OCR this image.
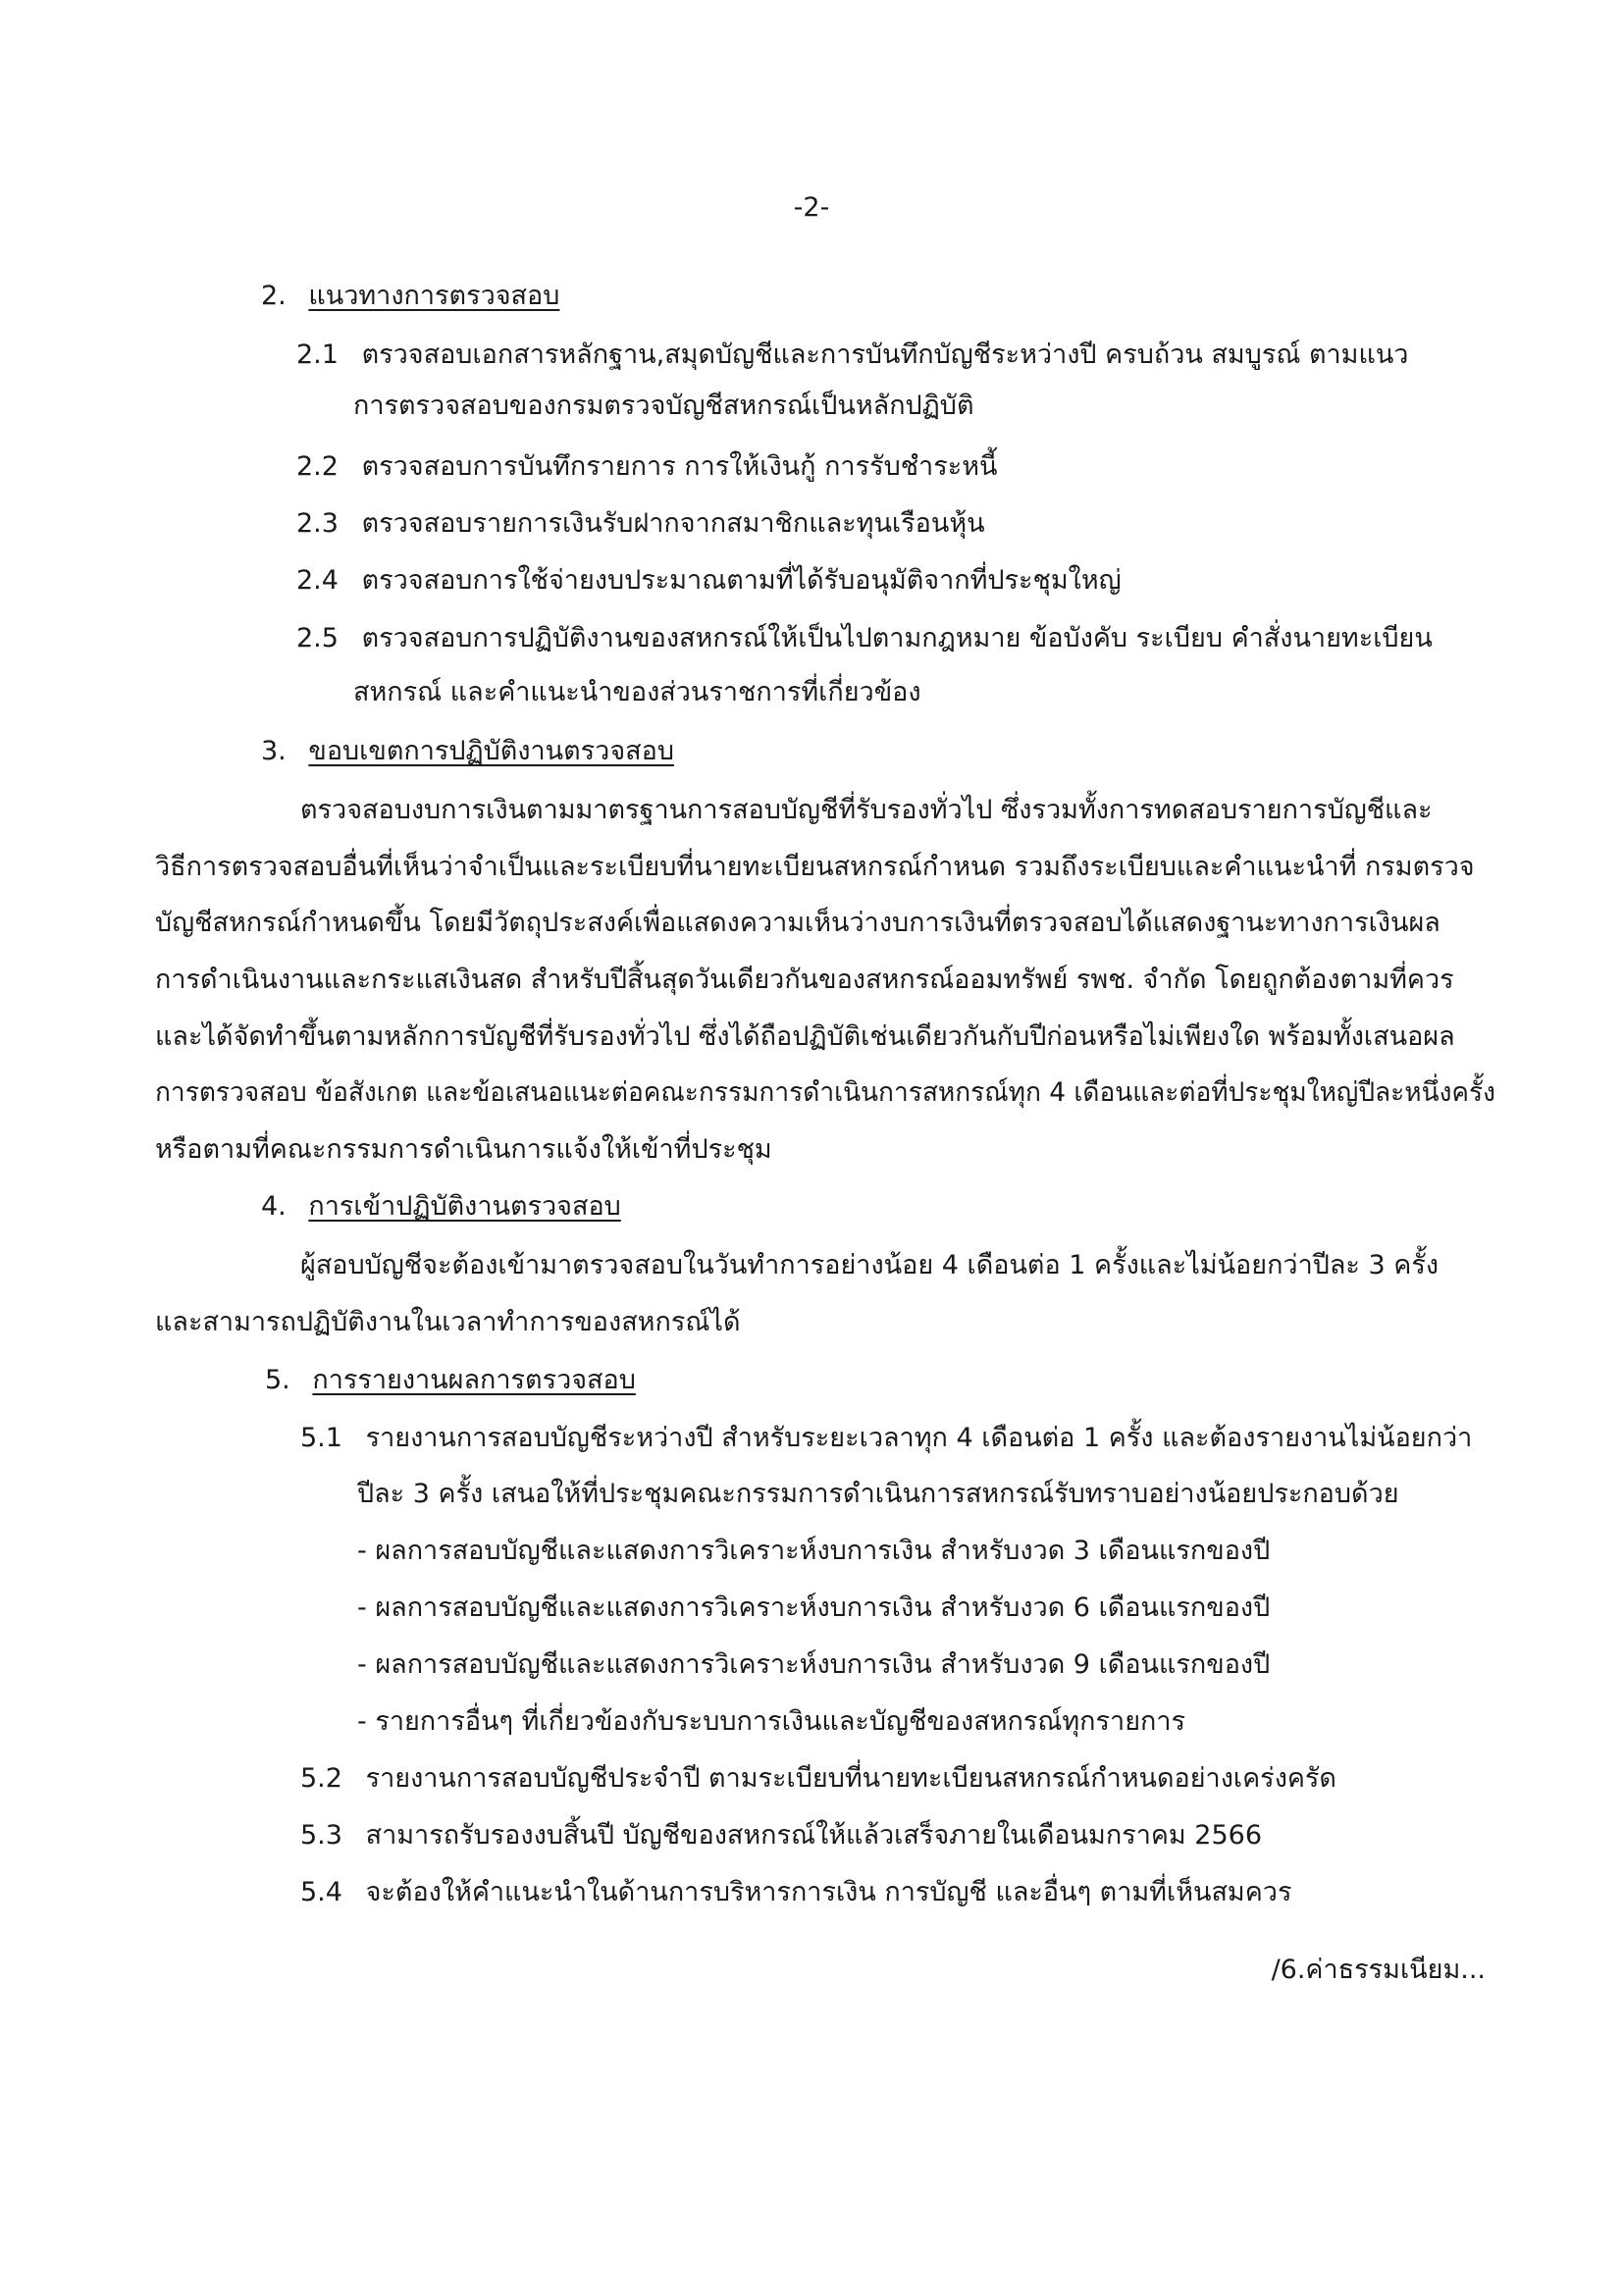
-2-
2. แนวทางการตรวจสอบ
2.1 ตรวจสอบเอกสารหลักฐาน,สมุดบัญชีและการบันทึกบัญชีระหว่างปี ครบถ้วน สมบูรณ์ ตามแนว
การตรวจสอบของกรมตรวจบัญชีสหกรณ์เป็นหลักปฏิบัติ
2.2 ตรวจสอบการบันทึกรายการ การให้เงินกู้ การรับชำระหนี้
2.3 ตรวจสอบรายการเงินรับฝากจากสมาชิกและทุนเรือนหุ้น
2.4 ตรวจสอบการใช้จ่ายงบประมาณตามที่ได้รับอนุมัติจากที่ประชุมใหญ่
2.5 ตรวจสอบการปฏิบัติงานของสหกรณ์ให้เป็นไปตามกฎหมาย ข้อบังคับ ระเบียบ คำสั่งนายทะเบียน
สหกรณ์ และคำแนะนำของส่วนราชการที่เกี่ยวข้อง
3. ขอบเขตการปฏิบัติงานตรวจสอบ
ตรวจสอบงบการเงินตามมาตรฐานการสอบบัญชีที่รับรองทั่วไป ซึ่งรวมทั้งการทดสอบรายการบัญชีและ
วิธีการตรวจสอบอื่นที่เห็นว่าจำเป็นและระเบียบที่นายทะเบียนสหกรณ์กำหนด รวมถึงระเบียบและคำแนะนำที่ กรมตรวจ
บัญชีสหกรณ์กำหนดขึ้น โดยมีวัตถุประสงค์เพื่อแสดงความเห็นว่างบการเงินที่ตรวจสอบได้แสดงฐานะทางการเงินผล
การดำเนินงานและกระแสเงินสด สำหรับปีสิ้นสุดวันเดียวกันของสหกรณ์ออมทรัพย์ รพช. จำกัด โดยถูกต้องตามที่ควร
และได้จัดทำขึ้นตามหลักการบัญชีที่รับรองทั่วไป ซึ่งได้ถือปฏิบัติเช่นเดียวกันกับปีก่อนหรือไม่เพียงใด พร้อมทั้งเสนอผล
การตรวจสอบ ข้อสังเกต และข้อเสนอแนะต่อคณะกรรมการดำเนินการสหกรณ์ทุก 4 เดือนและต่อที่ประชุมใหญ่ปีละหนึ่งครั้ง
หรือตามที่คณะกรรมการดำเนินการแจ้งให้เข้าที่ประชุม
4. การเข้าปฏิบัติงานตรวจสอบ
ผู้สอบบัญชีจะต้องเข้ามาตรวจสอบในวันทำการอย่างน้อย 4 เดือนต่อ 1 ครั้งและไม่น้อยกว่าปีละ 3 ครั้ง
และสามารถปฏิบัติงานในเวลาทำการของสหกรณ์ได้
5. การรายงานผลการตรวจสอบ
5.1 รายงานการสอบบัญชีระหว่างปี สำหรับระยะเวลาทุก 4 เดือนต่อ 1 ครั้ง และต้องรายงานไม่น้อยกว่า
ปีละ 3 ครั้ง เสนอให้ที่ประชุมคณะกรรมการดำเนินการสหกรณ์รับทราบอย่างน้อยประกอบด้วย
- ผลการสอบบัญชีและแสดงการวิเคราะห์งบการเงิน สำหรับงวด 3 เดือนแรกของปี
- ผลการสอบบัญชีและแสดงการวิเคราะห์งบการเงิน สำหรับงวด 6 เดือนแรกของปี
- ผลการสอบบัญชีและแสดงการวิเคราะห์งบการเงิน สำหรับงวด 9 เดือนแรกของปี
- รายการอื่นๆ ที่เกี่ยวข้องกับระบบการเงินและบัญชีของสหกรณ์ทุกรายการ
5.2 รายงานการสอบบัญชีประจำปี ตามระเบียบที่นายทะเบียนสหกรณ์กำหนดอย่างเคร่งครัด
5.3 สามารถรับรองงบสิ้นปี บัญชีของสหกรณ์ให้แล้วเสร็จภายในเดือนมกราคม 2566
5.4 จะต้องให้คำแนะนำในด้านการบริหารการเงิน การบัญชี และอื่นๆ ตามที่เห็นสมควร
/6.ค่าธรรมเนียม...
